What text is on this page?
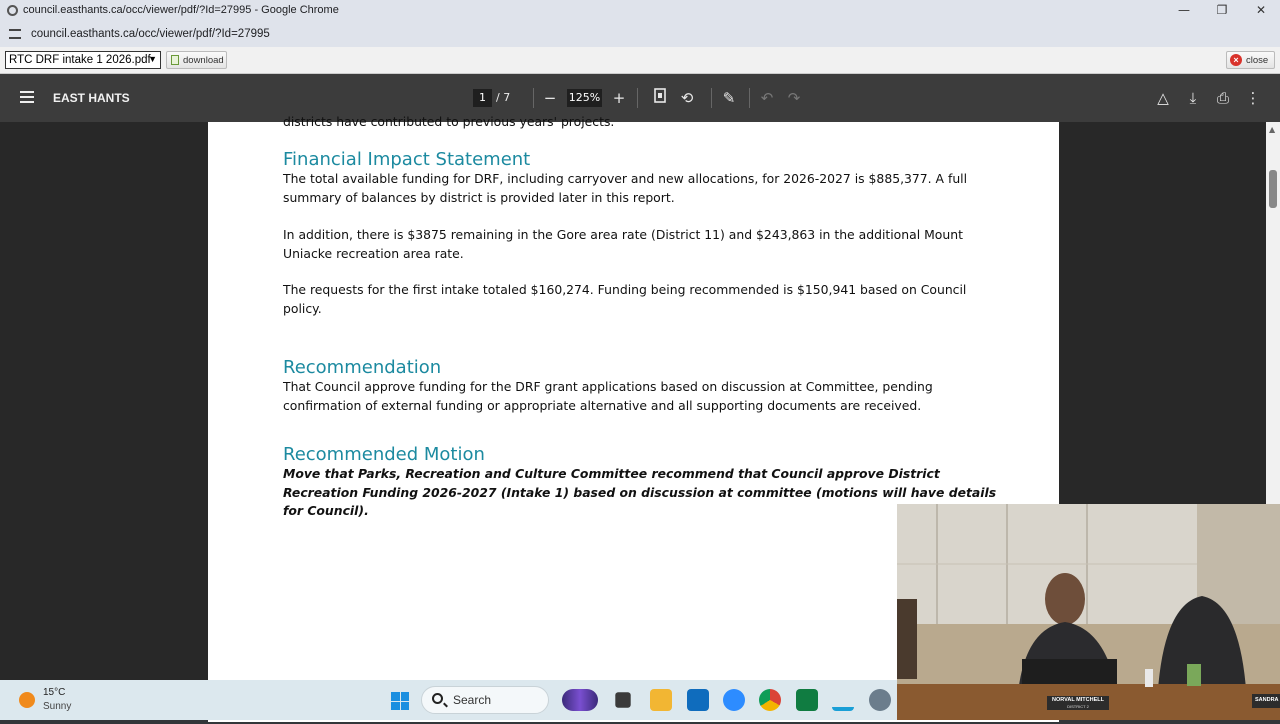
council.easthants.ca/occ/viewer/pdf/?Id=27995 - Google Chrome	—	❐	✕
council.easthants.ca/occ/viewer/pdf/?Id=27995
RTC DRF intake 1 2026.pdf
▼	download	× close
EAST HANTS	1 / 7	−	125% +	⟲	✎	↶ ↷	△	⤓	⎙	⋮
districts have contributed to previous years' projects.
Financial Impact Statement
The total available funding for DRF, including carryover and new allocations, for 2026-2027 is $885,377. A full summary of balances by district is provided later in this report.
In addition, there is $3875 remaining in the Gore area rate (District 11) and $243,863 in the additional Mount Uniacke recreation area rate.
The requests for the first intake totaled $160,274. Funding being recommended is $150,941 based on Council policy.
Recommendation
That Council approve funding for the DRF grant applications based on discussion at Committee, pending confirmation of external funding or appropriate alternative and all supporting documents are received.
Recommended Motion
Move that Parks, Recreation and Culture Committee recommend that Council approve District Recreation Funding 2026-2027 (Intake 1) based on discussion at committee (motions will have details for Council).
▲
NORVAL MITCHELL
DISTRICT 2
SANDRA
15°C
Sunny	Search
